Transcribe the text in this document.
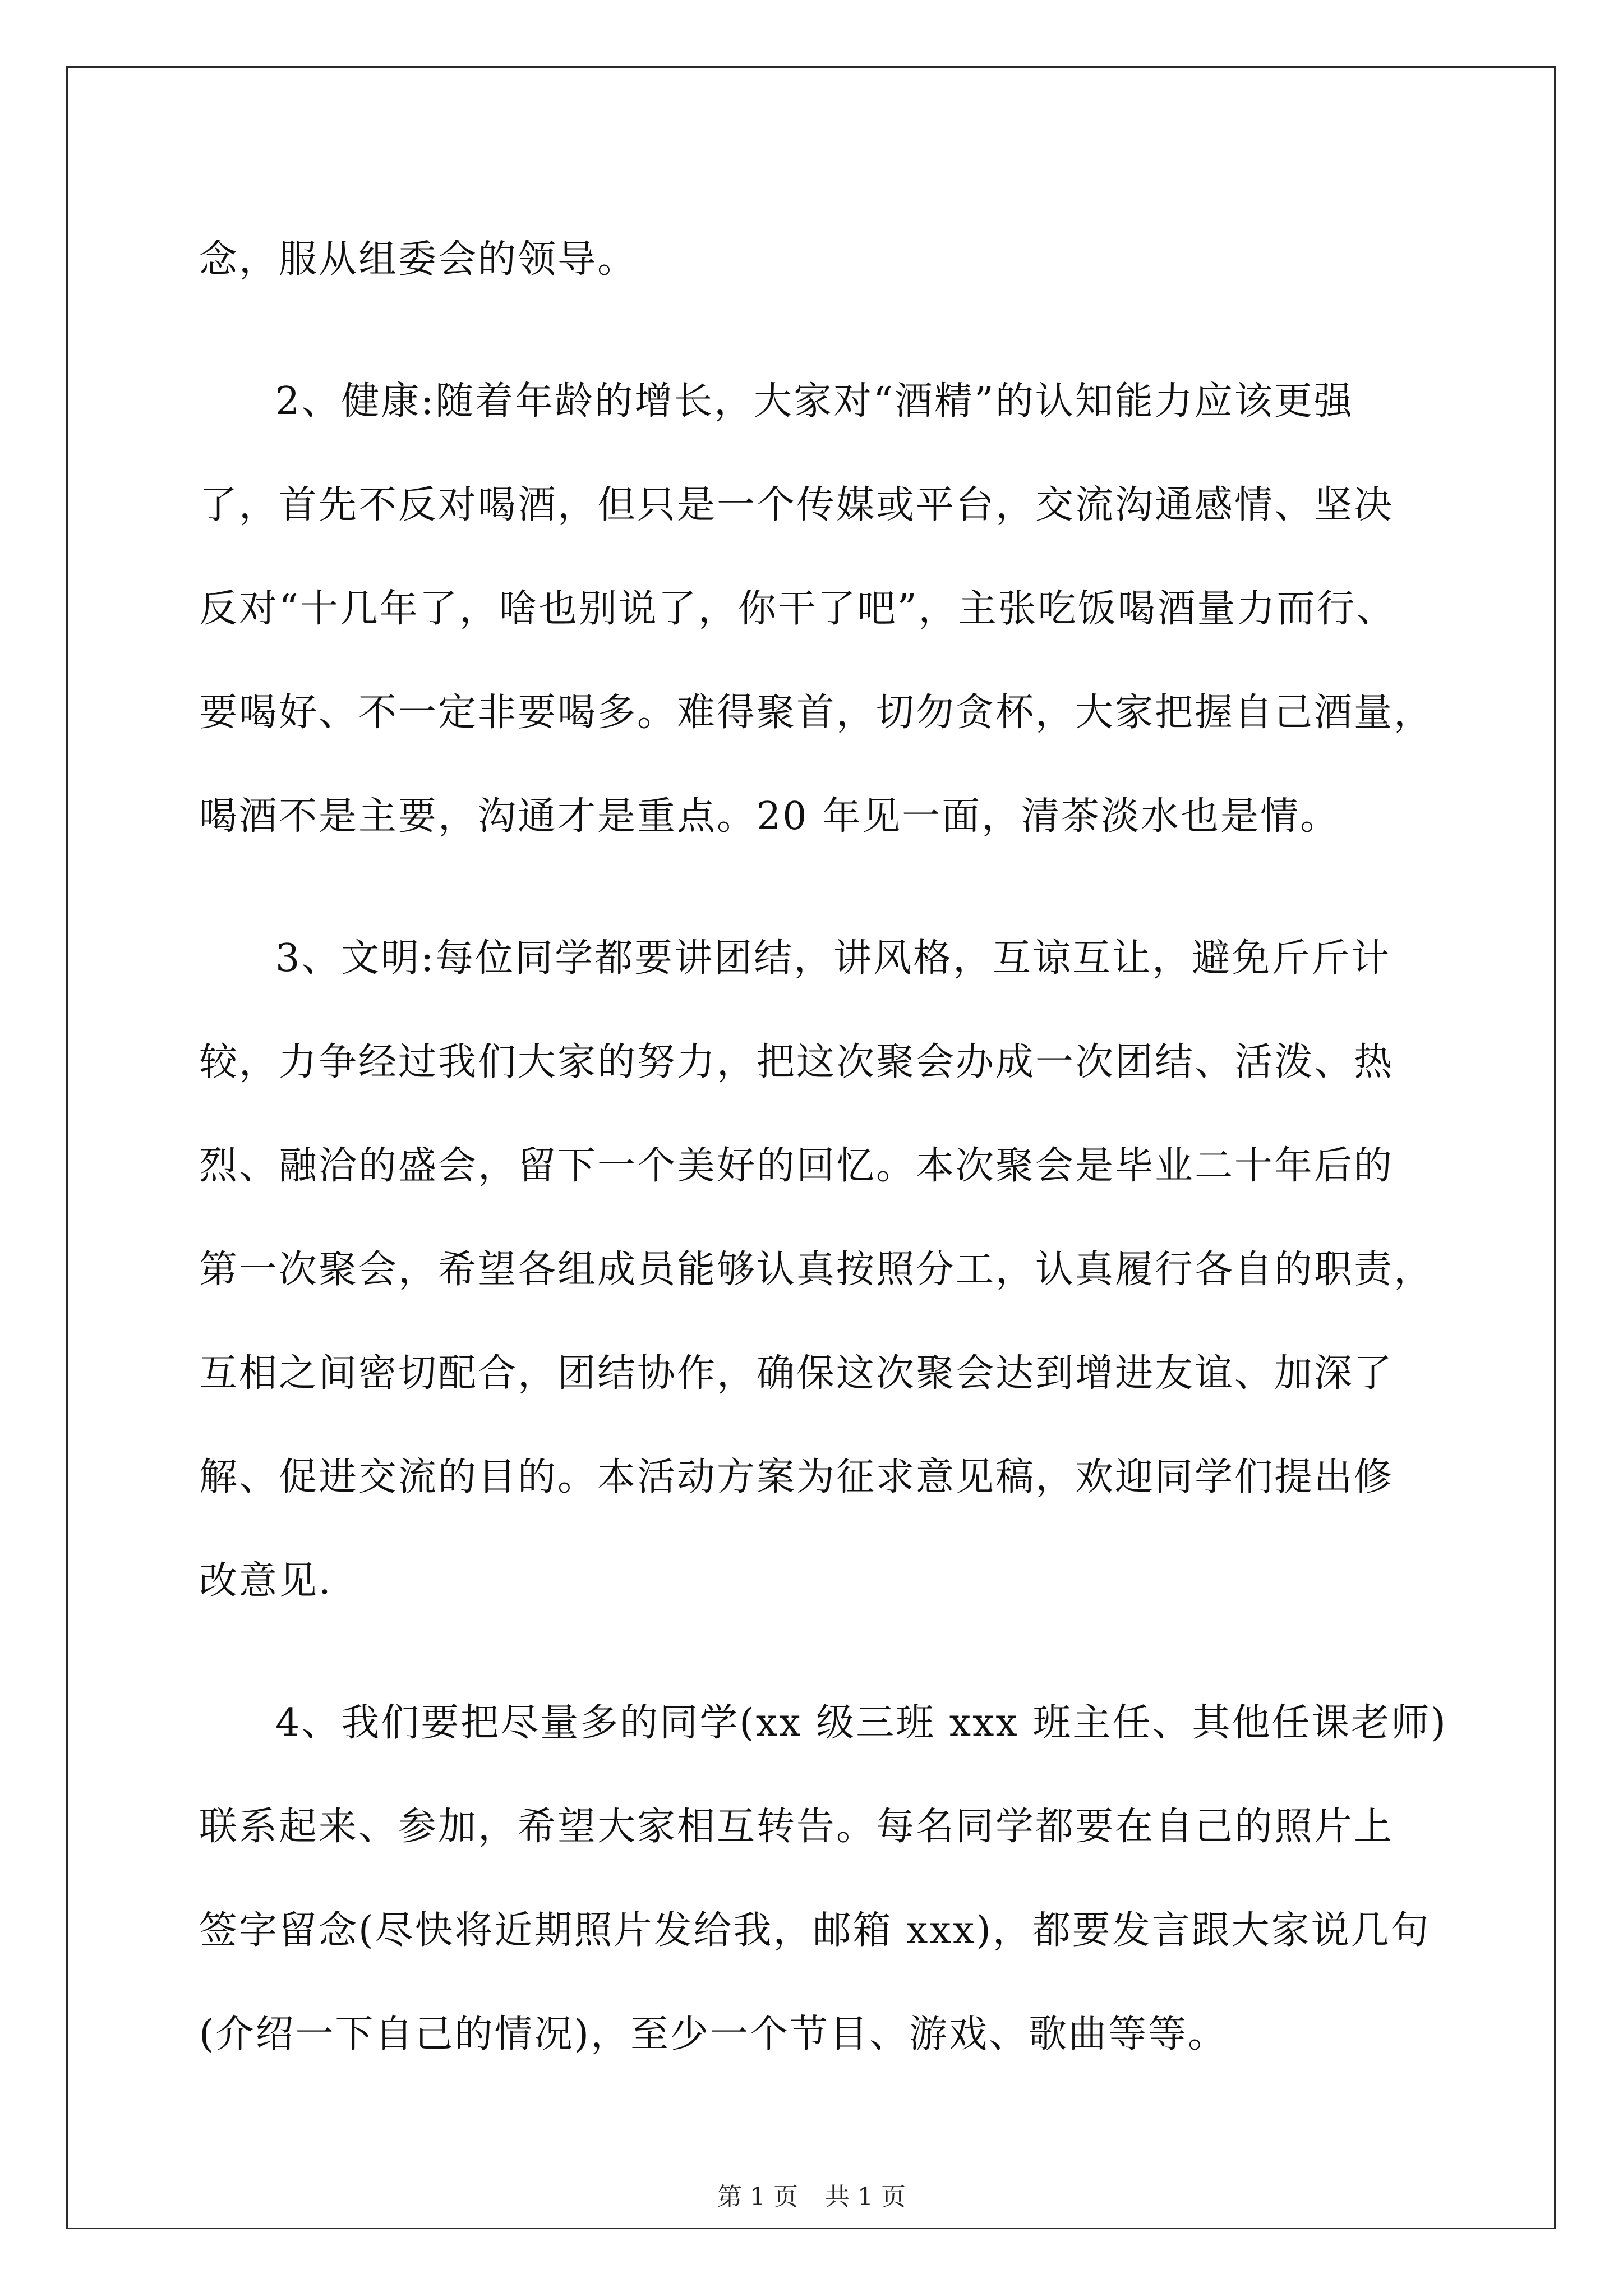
念，服从组委会的领导。
2、健康:随着年龄的增长，大家对“酒精”的认知能力应该更强
了，首先不反对喝酒，但只是一个传媒或平台，交流沟通感情、坚决
反对“十几年了，啥也别说了，你干了吧”，主张吃饭喝酒量力而行、
要喝好、不一定非要喝多。难得聚首，切勿贪杯，大家把握自己酒量，
喝酒不是主要，沟通才是重点。20 年见一面，清茶淡水也是情。
3、文明:每位同学都要讲团结，讲风格，互谅互让，避免斤斤计
较，力争经过我们大家的努力，把这次聚会办成一次团结、活泼、热
烈、融洽的盛会，留下一个美好的回忆。本次聚会是毕业二十年后的
第一次聚会，希望各组成员能够认真按照分工，认真履行各自的职责，
互相之间密切配合，团结协作，确保这次聚会达到增进友谊、加深了
解、促进交流的目的。本活动方案为征求意见稿，欢迎同学们提出修
改意见.
4、我们要把尽量多的同学(xx 级三班 xxx 班主任、其他任课老师)
联系起来、参加，希望大家相互转告。每名同学都要在自己的照片上
签字留念(尽快将近期照片发给我，邮箱 xxx)，都要发言跟大家说几句
(介绍一下自己的情况)，至少一个节目、游戏、歌曲等等。
第 1 页 共 1 页
